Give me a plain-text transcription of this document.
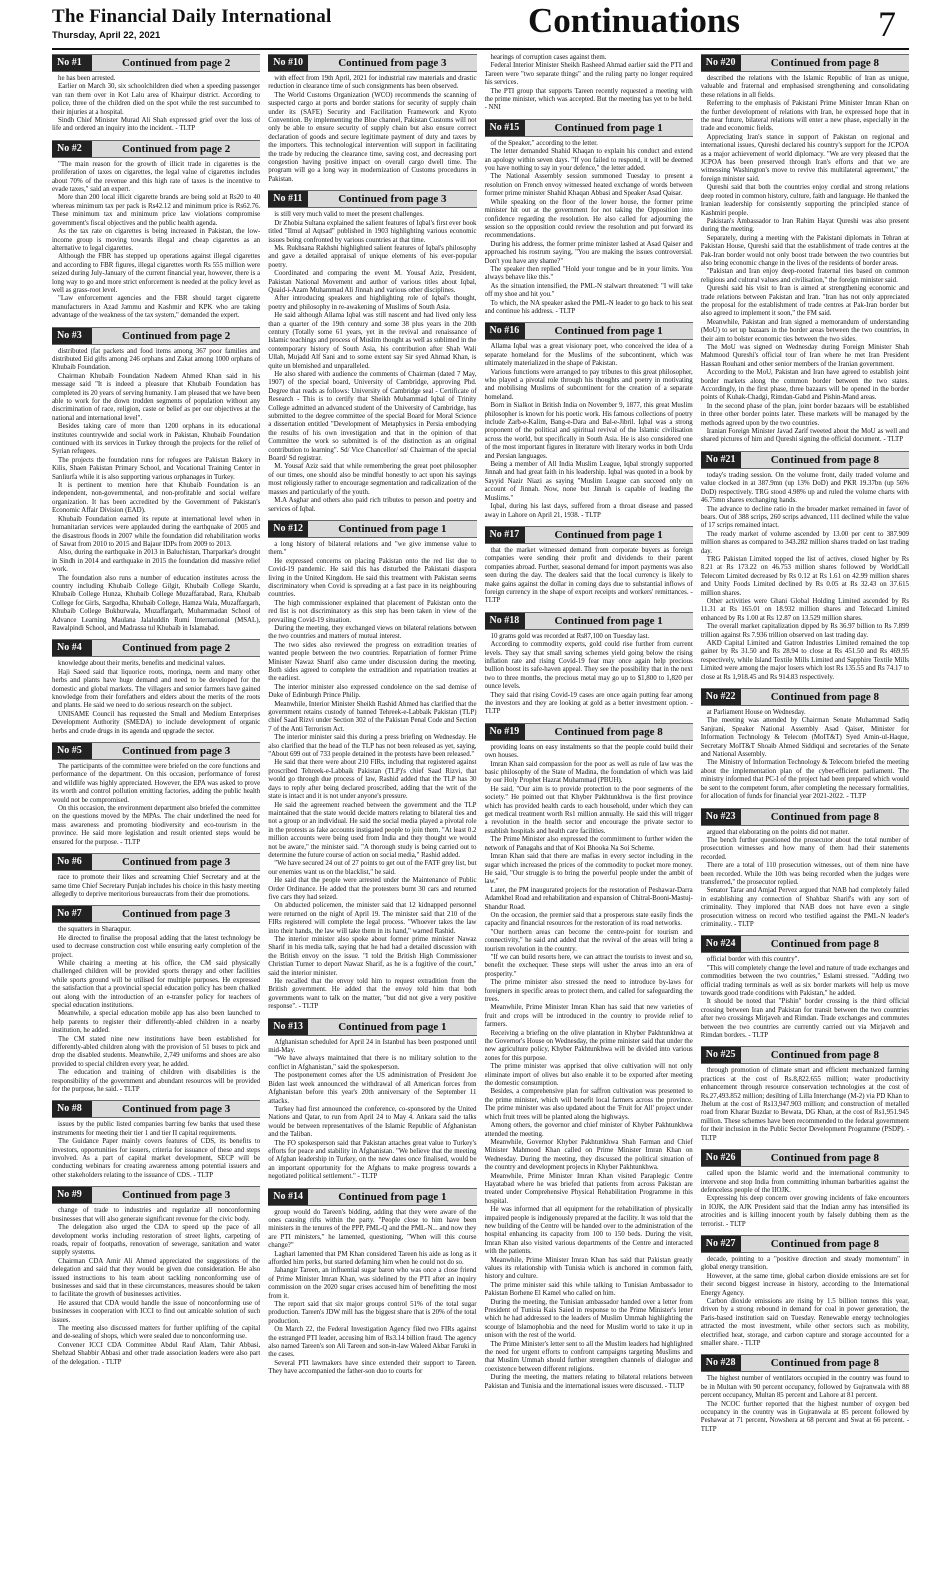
The Financial Daily International
Thursday, April 22, 2021	Continuations	7
No #1	Continued from page 2

he has been arrested.

Earlier on March 30, six schoolchildren died when a speeding passenger van ran them over in Kot Lalu area of Khairpur district. According to police, three of the children died on the spot while the rest succumbed to their injuries at a hospital.

Sindh Chief Minister Murad Ali Shah expressed grief over the loss of life and ordered an inquiry into the incident. - TLTP

No #2	Continued from page 2

"The main reason for the growth of illicit trade in cigarettes is the proliferation of taxes on cigarettes, the legal value of cigarettes includes about 70% of the revenue and this high rate of taxes is the incentive to evade taxes," said an expert.

More than 200 local illicit cigarette brands are being sold at Rs20 to 40 whereas minimum tax per pack is Rs42.12 and minimum price is Rs62.76. These minimum tax and minimum price law violations compromise government's fiscal objectives and the public health agenda.

As the tax rate on cigarettes is being increased in Pakistan, the low-income group is moving towards illegal and cheap cigarettes as an alternative to legal cigarettes.

Although the FBR has stepped up operations against illegal cigarettes and according to FBR figures, illegal cigarettes worth Rs 555 million were seized during July-January of the current financial year, however, there is a long way to go and more strict enforcement is needed at the policy level as well as grass-root level.

"Law enforcement agencies and the FBR should target cigarette manufacturers in Azad Jammu and Kashmir and KPK who are taking advantage of the weakness of the tax system," demanded the expert.

No #3	Continued from page 2

distributed (fat packets and food items among 367 poor families and distributed Eid gifts among 246 orphans and Zakat among 1000 orphans of Khubaib Foundation.

Chairman Khubaib Foundation Nadeem Ahmed Khan said in his message said "It is indeed a pleasure that Khubaib Foundation has completed its 20 years of serving humanity. I am pleased that we have been able to work for the down trodden segments of population without any discrimination of race, religion, caste or belief as per our objectives at the national and international level".

Besides taking care of more than 1200 orphans in its educational institutes countrywide and social work in Pakistan, Khubaib Foundation continued with its services in Turkey through the projects for the relief of Syrian refugees.

The projects the foundation runs for refugees are Pakistan Bakery in Kilis, Shaen Pakistan Primary School, and Vocational Training Center in Sanliurfa while it is also supporting various orphanages in Turkey.

It is pertinent to mention here that Khubaib Foundation is an independent, non-governmental, and non-profitable and social welfare organization. It has been accredited by the Government of Pakistan's Economic Affair Division (EAD).

Khubaib Foundation earned its repute at international level when in humanitarian services were applauded during the earthquake of 2005 and the disastrous floods in 2007 while the foundation did rehabilitation works of Sawat from 2010 to 2015 and Bajaur IDPs from 2009 to 2013.

Also, during the earthquake in 2013 in Baluchistan, Tharparkar's drought in Sindh in 2014 and earthquake in 2015 the foundation did massive relief work.

The foundation also runs a number of education institutes across the country including Khubaib College Gilgit, Khubaib College Skardu, Khubaib College Hunza, Khubaib College Muzaffarabad, Rara, Khubaib College for Girls, Sargodha, Khubaib College, Hamza Wala, Muzaffargarh, Khubaib College Bukhurwala, Muzaffargarh, Muhammadan School of Advance Learning Maulana Jalaluddin Rumi International (MSAL), Rawalpindi School, and Madrassa tul Khubaib in Islamabad.

No #4	Continued from page 2

knowledge about their merits, benefits and medicinal values.

Haji Saeed said that liquorice roots, moringa, neem and many other herbs and plants have huge demand and need to be developed for the domestic and global markets. The villagers and senior farmers have gained knowledge from their forefathers and elders about the merits of the roots and plants. He said we need to do serious research on the subject.

UNISAME Council has requested the Small and Medium Enterprises Development Authority (SMEDA) to include development of organic herbs and crude drugs in its agenda and upgrade the sector.

No #5	Continued from page 3

The participants of the committee were briefed on the core functions and performance of the department. On this occasion, performance of forest and wildlife was highly appreciated. However, the EPA was asked to prove its worth and control pollution emitting factories, adding the public health would not be compromised.

On this occasion, the environment department also briefed the committee on the questions moved by the MPAs. The chair underlined the need for mass awareness and promoting biodiversity and eco-tourism in the province. He said more legislation and result oriented steps would be ensured for the purpose. - TLTP

No #6	Continued from page 3

race to promote their likes and screaming Chief Secretary and at the same time Chief Secretary Punjab includes his choice in this hasty meeting allegedly to deprive meritorious bureaucrats from their due promotions.

No #7	Continued from page 3

the squatters in Sharaqpur.

He directed to finalise the proposal adding that the latest technology be used to decrease construction cost while ensuring early completion of the project.

While chairing a meeting at his office, the CM said physically challenged children will be provided sports therapy and other facilities while sports ground will be utilised for multiple purposes. He expressed the satisfaction that a provincial special education policy has been chalked out along with the introduction of an e-transfer policy for teachers of special education institutions.

Meanwhile, a special education mobile app has also been launched to help parents to register their differently-abled children in a nearby institution, he added.

The CM stated nine new institutions have been established for differently-abled children along with the provision of 51 buses to pick and drop the disabled students. Meanwhile, 2,749 uniforms and shoes are also provided to special children every year, he added.

The education and training of children with disabilities is the responsibility of the government and abundant resources will be provided for the purpose, he said. - TLTP

No #8	Continued from page 3

issues by the public listed companies barring few banks that used these instruments for meeting their tier 1 and tier II capital requirements.

The Guidance Paper mainly covers features of CDS, its benefits to investors, opportunities for issuers, criteria for issuance of these and steps involved. As a part of capital market development, SECP will be conducting webinars for creating awareness among potential issuers and other stakeholders relating to the issuance of CDS. - TLTP

No #9	Continued from page 3

change of trade to industries and regularize all nonconforming businesses that will also generate significant revenue for the civic body.

The delegation also urged the CDA to speed up the pace of all development works including restoration of street lights, carpeting of roads, repair of footpaths, renovation of sewerage, sanitation and water supply systems.

Chairman CDA Amir Ali Ahmed appreciated the suggestions of the delegation and said that they would be given due consideration. He also issued instructions to his team about tackling nonconforming use of businesses and said that in these circumstances, measures should be taken to facilitate the growth of businesses activities.

He assured that CDA would handle the issue of nonconforming use of businesses in cooperation with ICCI to find out amicable solution of such issues.

The meeting also discussed matters for further uplifting of the capital and de-sealing of shops, which were sealed due to nonconforming use.

Convener ICCI CDA Committee Abdul Rauf Alam, Tahir Abbasi, Shehzad Shabbir Abbasi and other trade association leaders were also part of the delegation. - TLTP

No #10	Continued from page 3

with effect from 19th April, 2021 for industrial raw materials and drastic reduction in clearance time of such consignments has been observed.

The World Customs Organization (WCO) recommends the scanning of suspected cargo at ports and border stations for security of supply chain under its (SAFE) Security and Facilitation Framework and Kyoto Convention. By implementing the Blue channel, Pakistan Customs will not only be able to ensure security of supply chain but also ensure correct declaration of goods and secure legitimate payment of duty and taxes by the importers. This technological intervention will support in facilitating the trade by reducing the clearance time, saving cost, and decreasing port congestion having positive impact on overall cargo dwell time. The program will go a long way in modernization of Customs procedures in Pakistan.

No #11	Continued from page 3

is still very much valid to meet the present challenges.

Dr Zhobia Sultana explained the salient features of Iqbal's first ever book titled "Ilmul al Aqtsad" published in 1903 highlighting various economic issues being confronted by various countries at that time.

Ms. Rukhsana Rakhshi highlighted salient features of Iqbal's philosophy and gave a detailed appraisal of unique elements of his ever-popular poetry.

Coordinated and comparing the event M. Yousaf Aziz, President, Pakistan National Movement and author of various titles about Iqbal, Quaid-i-Azam Muhammad Ali Jinnah and various other disciplines.

After introducing speakers and highlighting role of Iqbal's thought, poetry and philosophy in re-awakening of Muslims of South Asia.

He said although Allama Iqbal was still nascent and had lived only less than a quarter of the 19th century and some 38 plus years in the 20th century (Totally some 61 years, yet in the revival and renaissance of Islamic teachings and process of Muslim thought as well as sublimed in the contemporary history of South Asia, his contribution after Shah Wali Ullah, Mujadd Alf Sani and to some extent say Sir syed Ahmad Khan, is quite un blemished and unparalleled.

He also shared with audience the comments of Chairman (dated 7 May, 1907) of the special board, University of Cambridge, approving Phd. Degree that reads as follows: University of Cambridge seal - Certificate of Research - This is to certify that Sheikh Muhammad Iqbal of Trinity College admitted an advanced student of the University of Cambridge, has submitted to the degree committee of the special Board for Moral Science a dissertation entitled "Development of Metaphysics in Persia embodying the results of his own investigation and that in the opinion of that Committee the work so submitted is of the distinction as an original contribution to learning". Sd/ Vice Chancellor/ sd/ Chairman of the special Board/ Sd registrar.

M. Yousaf Aziz said that while remembering the great poet philosopher of our times, one should also be mindful honestly to act upon his sayings most religiously rather to encourage segmentation and radicalization of the masses and particularly of the youth.

M.A Asghar and others also paid rich tributes to person and poetry and services of Iqbal.

No #12	Continued from page 1

a long history of bilateral relations and "we give immense value to them."

He expressed concerns on placing Pakistan onto the red list due to Covid-19 pandemic. He said this has disturbed the Pakistani diaspora living in the United Kingdom. He said this treatment with Pakistan seems discriminatory when Covid is spreading at a fast pace in its neighbouring countries.

The high commissioner explained that placement of Pakistan onto the red list is not discriminatory as this step has been taken in view of the prevailing Covid-19 situation.

During the meeting, they exchanged views on bilateral relations between the two countries and matters of mutual interest.

The two sides also reviewed the progress on extradition treaties of wanted people between the two countries. Repatriation of former Prime Minister Nawaz Sharif also came under discussion during the meeting. Both sides agreed to complete the extradition and repatriation treaties at the earliest.

The interior minister also expressed condolence on the sad demise of Duke of Edinburgh Prince Philip.

Meanwhile, Interior Minister Sheikh Rashid Ahmed has clarified that the government retains custody of banned Tehreek-e-Labbaik Pakistan (TLP) chief Saad Rizvi under Section 302 of the Pakistan Penal Code and Section 7 of the Anti Terrorism Act.

The interior minister said this during a press briefing on Wednesday. He also clarified that the head of the TLP has not been released as yet, saying, "About 699 out of 733 people detained in the protests have been released."

He said that there were about 210 FIRs, including that registered against proscribed Tehreek-e-Labbaik Pakistan (TLP)'s chief Saad Rizvi, that would go through due process of law, Rashid added that the TLP has 30 days to reply after being declared proscribed, adding that the writ of the state is intact and it is not under anyone's pressure.

He said the agreement reached between the government and the TLP maintained that the state would decide matters relating to bilateral ties and not a group or an individual. He said the social media played a pivotal role in the protests as fake accounts instigated people to join them. "At least 0.2 million accounts were being used from India and they thought we would not be aware," the minister said. "A thorough study is being carried out to determine the future course of action on social media," Rashid added.

"We have secured 24 out of 27 points to get out of the FATF grey list, but our enemies want us on the blacklist," he said.

He said that the people were arrested under the Maintenance of Public Order Ordinance. He added that the protesters burnt 30 cars and returned five cars they had seized.

On abducted policemen, the minister said that 12 kidnapped personnel were returned on the night of April 19. The minister said that 210 of the FIRs registered will complete the legal process. "Whoever takes the law into their hands, the law will take them in its hand," warned Rashid.

The interior minister also spoke about former prime minister Nawaz Sharif in his media talk, saying that he had had a detailed discussion with the British envoy on the issue. "I told the British High Commissioner Christian Turner to deport Nawaz Sharif, as he is a fugitive of the court," said the interior minister.

He recalled that the envoy told him to request extradition from the British government. He added that the envoy told him that both governments want to talk on the matter, "but did not give a very positive response". - TLTP

No #13	Continued from page 1

Afghanistan scheduled for April 24 in Istanbul has been postponed until mid-May.

"We have always maintained that there is no military solution to the conflict in Afghanistan," said the spokesperson.

The postponement comes after the US administration of President Joe Biden last week announced the withdrawal of all American forces from Afghanistan before this year's 20th anniversary of the September 11 attacks.

Turkey had first announced the conference, co-sponsored by the United Nations and Qatar, to run from April 24 to May 4. Ankara said the talks would be between representatives of the Islamic Republic of Afghanistan and the Taliban.

The FO spokesperson said that Pakistan attaches great value to Turkey's efforts for peace and stability in Afghanistan. "We believe that the meeting of Afghan leadership in Turkey, on the new dates once finalised, would be an important opportunity for the Afghans to make progress towards a negotiated political settlement." - TLTP

No #14	Continued from page 1

group would do Tareen's bidding, adding that they were aware of the ones causing rifts within the party. "People close to him have been ministers in the tenures of the PPP, PML-Q and the PML-N... and now they are PTI ministers," he lamented, questioning, "When will this course change?"

Laghari lamented that PM Khan considered Tareen his aide as long as it afforded him perks, but started defaming him when he could not do so.

Jahangir Tareen, an influential sugar baron who was once a close friend of Prime Minister Imran Khan, was sidelined by the PTI after an inquiry commission on the 2020 sugar crises accused him of benefitting the most from it.

The report said that six major groups control 51% of the total sugar production. Tareen's JDW mill has the biggest share that is 20% of the total production.

On March 22, the Federal Investigation Agency filed two FIRs against the estranged PTI leader, accusing him of Rs3.14 billion fraud. The agency also named Tareen's son Ali Tareen and son-in-law Waleed Akbar Faruki in the cases.

Several PTI lawmakers have since extended their support to Tareen. They have accompanied the father-son duo to courts for

hearings of corruption cases against them.

Federal Interior Minister Sheikh Rasheed Ahmad earlier said the PTI and Tareen were "two separate things" and the ruling party no longer required his services.

The PTI group that supports Tareen recently requested a meeting with the prime minister, which was accepted. But the meeting has yet to be held. - NNI

No #15	Continued from page 1

of the Speaker," according to the letter.

The letter demanded Shahid Khaqan to explain his conduct and extend an apology within seven days. "If you failed to respond, it will be deemed you have nothing to say in your defence," the letter added.

The National Assembly session summoned Tuesday to present a resolution on French envoy witnessed heated exchange of words between former prime minister Shahid Khaqan Abbasi and Speaker Asad Qaisar.

While speaking on the floor of the lower house, the former prime minister hit out at the government for not taking the Opposition into confidence regarding the resolution. He also called for adjourning the session so the opposition could review the resolution and put forward its recommendations.

During his address, the former prime minister lashed at Asad Qaiser and approached his rostrum saying, "You are making the issues controversial. Don't you have any shame?"

The speaker then replied "Hold your tongue and be in your limits. You always behave like this."

As the situation intensified, the PML-N stalwart threatened: "I will take off my shoe and hit you."

To which, the NA speaker asked the PML-N leader to go back to his seat and continue his address. - TLTP

No #16	Continued from page 1

Allama Iqbal was a great visionary poet, who conceived the idea of a separate homeland for the Muslims of the subcontinent, which was ultimately materialized in the shape of Pakistan.

Various functions were arranged to pay tributes to this great philosopher, who played a pivotal role through his thoughts and poetry in motivating and mobilising Muslims of subcontinent for the creation of a separate homeland.

Born in Sialkot in British India on November 9, 1877, this great Muslim philosopher is known for his poetic work. His famous collections of poetry include Zarb-e-Kalim, Bang-e-Dara and Bal-e-Jibril. Iqbal was a strong proponent of the political and spiritual revival of the Islamic civilisation across the world, but specifically in South Asia. He is also considered one of the most important figures in literature with literary works in both Urdu and Persian languages.

Being a member of All India Muslim League, Iqbal strongly supported Jinnah and had great faith in his leadership. Iqbal was quoted in a book by Sayyid Nazir Niazi as saying "Muslim League can succeed only on account of Jinnah. Now, none but Jinnah is capable of leading the Muslims."

Iqbal, during his last days, suffered from a throat disease and passed away in Lahore on April 21, 1938. - TLTP

No #17	Continued from page 1

that the market witnessed demand from corporate buyers as foreign companies were sending their profit and dividends to their parent companies abroad. Further, seasonal demand for import payments was also seen during the day. The dealers said that the local currency is likely to make gains against the dollar in coming days due to substantial inflows of foreign currency in the shape of export receipts and workers' remittances. - TLTP

No #18	Continued from page 1

10 grams gold was recorded at Rs87,100 on Tuesday last.

According to commodity experts, gold could rise further from current levels. They say that small saving schemes yield going below the rising inflation rate and rising Covid-19 fear may once again help precious bullion boost its safe-haven appeal. They see the possibility that in the next two to three months, the precious metal may go up to $1,800 to 1,820 per ounce levels.

They said that rising Covid-19 cases are once again putting fear among the investors and they are looking at gold as a better investment option. - TLTP

No #19	Continued from page 8

providing loans on easy instalments so that the people could build their own houses.

Imran Khan said compassion for the poor as well as rule of law was the basic philosophy of the State of Madina, the foundation of which was laid by our Holy Prophet Hazrat Muhammad (PBUH).

He said, "Our aim is to provide protection to the poor segments of the society." He pointed out that Khyber Pakhtunkhwa is the first province which has provided health cards to each household, under which they can get medical treatment worth Rs1 million annually. He said this will trigger a revolution in the health sector and encourage the private sector to establish hospitals and health care facilities.

The Prime Minister also expressed the commitment to further widen the network of Panagahs and that of Koi Bhooka Na Soi Scheme.

Imran Khan said that there are mafias in every sector including in the sugar which increased the prices of the commodity to pocket more money. He said, "Our struggle is to bring the powerful people under the ambit of law."

Later, the PM inaugurated projects for the restoration of Peshawar-Darra Adamkhel Road and rehabilitation and expansion of Chitral-Booni-Mastuj-Shandur Road.

On the occasion, the premier said that a prosperous state easily finds the capacity and financial resources for the restoration of its road networks.

"Our northern areas can become the centre-point for tourism and connectivity," he said and added that the revival of the areas will bring a tourism revolution in the country.

"If we can build resorts here, we can attract the tourists to invest and so, benefit the exchequer. These steps will usher the areas into an era of prosperity."

The prime minister also stressed the need to introduce by-laws for foreigners in specific areas to protect them, and called for safeguarding the trees.

Meanwhile, Prime Minister Imran Khan has said that new varieties of fruit and crops will be introduced in the country to provide relief to farmers.

Receiving a briefing on the olive plantation in Khyber Pakhtunkhwa at the Governor's House on Wednesday, the prime minister said that under the new agriculture policy, Khyber Pakhtunkhwa will be divided into various zones for this purpose.

The prime minister was apprised that olive cultivation will not only eliminate import of olives but also enable it to be exported after meeting the domestic consumption.

Besides, a comprehensive plan for saffron cultivation was presented to the prime minister, which will benefit local farmers across the province. The prime minister was also updated about the 'Fruit for All' project under which fruit trees will be planted along the highways.

Among others, the governor and chief minister of Khyber Pakhtunkhwa attended the meeting.

Meanwhile, Governor Khyber Pakhtunkhwa Shah Farman and Chief Minister Mahmood Khan called on Prime Minister Imran Khan on Wednesday. During the meeting, they discussed the political situation of the country and development projects in Khyber Pakhtunkhwa.

Meanwhile, Prime Minister Imran Khan visited Paraplegic Centre Hayatabad where he was briefed that patients from across Pakistan are treated under Comprehensive Physical Rehabilitation Programme in this hospital.

He was informed that all equipment for the rehabilitation of physically impaired people is indigenously prepared at the facility. It was told that the new building of the Centre will be handed over to the administration of the hospital enhancing its capacity from 100 to 150 beds. During the visit, Imran Khan also visited various departments of the Centre and interacted with the patients.

Meanwhile, Prime Minister Imran Khan has said that Pakistan greatly values its relationship with Tunisia which is anchored in common faith, history and culture.

The prime minister said this while talking to Tunisian Ambassador to Pakistan Borhene El Kamel who called on him.

During the meeting, the Tunisian ambassador handed over a letter from President of Tunisia Kais Saied in response to the Prime Minister's letter which he had addressed to the leaders of Muslim Ummah highlighting the scourge of Islamophobia and the need for Muslim world to take it up in unison with the rest of the world.

The Prime Minister's letter sent to all the Muslim leaders had highlighted the need for urgent efforts to confront campaigns targeting Muslims and that Muslim Ummah should further strengthen channels of dialogue and coexistence between different religions.

During the meeting, the matters relating to bilateral relations between Pakistan and Tunisia and the international issues were discussed. - TLTP

No #20	Continued from page 8

described the relations with the Islamic Republic of Iran as unique, valuable and fraternal and emphasised strengthening and consolidating these relations in all fields.

Referring to the emphasis of Pakistani Prime Minister Imran Khan on the further development of relations with Iran, he expressed hope that in the near future, bilateral relations will enter a new phase, especially in the trade and economic fields.

Appreciating Iran's stance in support of Pakistan on regional and international issues, Qureshi declared his country's support for the JCPOA as a major achievement of world diplomacy. "We are very pleased that the JCPOA has been preserved through Iran's efforts and that we are witnessing Washington's move to revive this multilateral agreement," the foreign minister said.

Qureshi said that both the countries enjoy cordial and strong relations deep rooted in common history, culture, faith and language. He thanked the Iranian leadership for consistently supporting the principled stance of Kashmiri people.

Pakistan's Ambassador to Iran Rahim Hayat Qureshi was also present during the meeting.

Separately, during a meeting with the Pakistani diplomats in Tehran at Pakistan House, Qureshi said that the establishment of trade centres at the Pak-Iran border would not only boost trade between the two countries but also bring economic change in the lives of the residents of border areas.

"Pakistan and Iran enjoy deep-rooted fraternal ties based on common religious and cultural values and civilisation," the foreign minister said.

Qureshi said his visit to Iran is aimed at strengthening economic and trade relations between Pakistan and Iran. "Iran has not only appreciated the proposal for the establishment of trade centres at Pak-Iran border but also agreed to implement it soon," the FM said.

Meanwhile, Pakistan and Iran signed a memorandum of understanding (MoU) to set up bazaars in the border areas between the two countries, in their aim to bolster economic ties between the two sides.

The MoU was signed on Wednesday during Foreign Minister Shah Mahmood Qureshi's official tour of Iran where he met Iran President Hassan Rouhani and other senior members of the Iranian government.

According to the MoU, Pakistan and Iran have agreed to establish joint border markets along the common border between the two states. Accordingly, in the first phase, three bazaars will be opened in the border points of Kuhak-Chadgi, Rimdan-Gabd and Pishin-Mand areas.

In the second phase of the plan, joint border bazaars will be established in three other border points later. These markets will be managed by the methods agreed upon by the two countries.

Iranian Foreign Minister Javad Zarif tweeted about the MoU as well and shared pictures of him and Qureshi signing the official document. - TLTP

No #21	Continued from page 8

today's trading session. On the volume front, daily traded volume and value clocked in at 387.9mn (up 13% DoD) and PKR 19.37bn (up 56% DoD) respectively. TRG stood 4.98% up and ruled the volume charts with 46.75mn shares exchanging hands.

The advance to decline ratio in the broader market remained in favor of bears. Out of 388 scrips, 260 scrips advanced, 111 declined while the value of 17 scrips remained intact.

The ready market of volume ascended by 13.00 per cent to 387.909 million shares as compared to 343.282 million shares traded on last trading day.

TRG Pakistan Limited topped the list of actives, closed higher by Rs 8.21 at Rs 173.22 on 46.753 million shares followed by WorldCall Telecom Limited decreased by Rs 0.12 at Rs 1.61 on 42.99 million shares and Unity Foods Limited declined by Rs 0.05 at Rs 32.43 on 37.615 million shares.

Other activities were Ghani Global Holding Limited ascended by Rs 11.31 at Rs 165.01 on 18.932 million shares and Telecard Limited enhanced by Rs 1.00 at Rs 12.87 on 13.529 million shares.

The overall market capitalization dipped by Rs 36.97 billion to Rs 7.899 trillion against Rs 7.936 trillion observed on last trading day.

AKD Capital Limited and Gatron Industries Limited remained the top gainer by Rs 31.50 and Rs 28.94 to close at Rs 451.50 and Rs 469.95 respectively, while Island Textile Mills Limited and Sapphire Textile Mills Limited were among the major losers which lost Rs 135.55 and Rs 74.17 to close at Rs 1,918.45 and Rs 914.83 respectively.

No #22	Continued from page 8

at Parliament House on Wednesday.

The meeting was attended by Chairman Senate Muhammad Sadiq Sanjrani, Speaker National Assembly Asad Qaiser, Minister for Information Technology & Telecom (MoIT&T) Syed Amin-ul-Haque, Secretary MoIT&T Shoaib Ahmed Siddiqui and secretaries of the Senate and National Assembly.

The Ministry of Information Technology & Telecom briefed the meeting about the implementation plan of the cyber-efficient parliament. The ministry informed that PC-I of the project had been prepared which would be sent to the competent forum, after completing the necessary formalities, for allocation of funds for financial year 2021-2022. - TLTP

No #23	Continued from page 8

argued that elaborating on the points did not matter.

The bench further questioned the prosecutor about the total number of prosecution witnesses and how many of them had their statements recorded.

There are a total of 110 prosecution witnesses, out of them nine have been recorded. While the 10th was being recorded when the judges were transferred," the prosecutor replied.

Senator Tarar and Amjad Pervez argued that NAB had completely failed in establishing any connection of Shahbaz Sharif's with any sort of criminality. They implored that NAB does not have even a single prosecution witness on record who testified against the PML-N leader's criminality. - TLTP

No #24	Continued from page 8

official border with this country".

"This will completely change the level and nature of trade exchanges and commodities between the two countries," Eslami stressed. "Adding two official trading terminals as well as six border markets will help us move towards good trade conditions with Pakistan," he added.

It should be noted that "Pishin" border crossing is the third official crossing between Iran and Pakistan for transit between the two countries after two crossings Mirjaveh and Rimdan. Trade exchanges and commutes between the two countries are currently carried out via Mirjaveh and Rimdan borders. - TLTP

No #25	Continued from page 8

through promotion of climate smart and efficient mechanized farming practices at the cost of Rs.8,822.655 million; water productivity enhancement through resource conservation technologies at the cost of Rs.27,493.852 million; desilting of Lilla Interchange (M-2) via PD Khan to Jhelum at the cost of Rs13,947.903 million; and construction of metalled road from Kharar Buzdar to Bewata, DG Khan, at the cost of Rs1,951.945 million. These schemes have been recommended to the federal government for their inclusion in the Public Sector Development Programme (PSDP). - TLTP

No #26	Continued from page 8

called upon the Islamic world and the international community to intervene and stop India from committing inhuman barbarities against the defenceless people of the IIOJK.

Expressing his deep concern over growing incidents of fake encounters in IOJK, the AJK President said that the Indian army has intensified its atrocities and is killing innocent youth by falsely dubbing them as the terrorist. - TLTP

No #27	Continued from page 8

decade, pointing to a "positive direction and steady momentum" in global energy transition.

However, at the same time, global carbon dioxide emissions are set for their second biggest increase in history, according to the International Energy Agency.

Carbon dioxide emissions are rising by 1.5 billion tonnes this year, driven by a strong rebound in demand for coal in power generation, the Paris-based institution said on Tuesday. Renewable energy technologies attracted the most investment, while other sectors such as mobility, electrified heat, storage, and carbon capture and storage accounted for a smaller share. - TLTP

No #28	Continued from page 8

The highest number of ventilators occupied in the country was found to be in Multan with 90 percent occupancy, followed by Gujranwala with 88 percent occupancy, Multan 85 percent and Lahore at 81 percent.

The NCOC further reported that the highest number of oxygen bed occupancy in the country was in Gujranwala at 85 percent followed by Peshawar at 71 percent, Nowshera at 68 percent and Swat at 66 percent. - TLTP
